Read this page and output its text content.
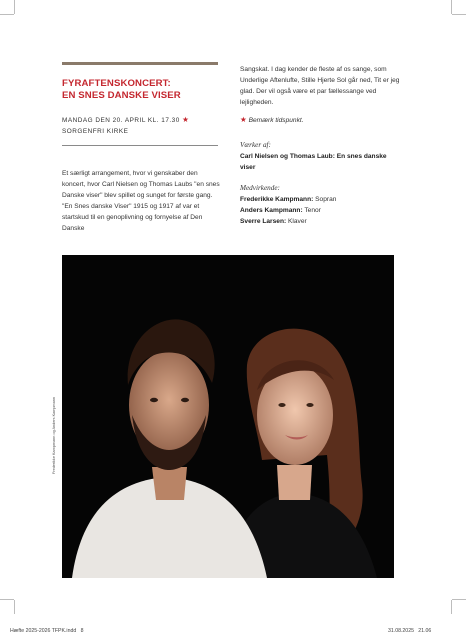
FYRAFTENSKONCERT:
EN SNES DANSKE VISER
MANDAG DEN 20. APRIL KL. 17.30 ★
SORGENFRI KIRKE
Et særligt arrangement, hvor vi genskaber den koncert, hvor Carl Nielsen og Thomas Laubs "en snes Danske viser" blev spillet og sunget for første gang. "En Snes danske Viser" 1915 og 1917 af var et startskud til en genoplivning og fornyelse af Den Danske

Sangskat. I dag kender de fleste af os sange, som Underlige Aftenlufte, Stille Hjerte Sol går ned, Tit er jeg glad. Der vil også være et par fællessange ved lejligheden.

★ Bemærk tidspunkt.

Værker af:

Carl Nielsen og Thomas Laub: En snes danske viser

Medvirkende:

Frederikke Kampmann: Sopran

Anders Kampmann: Tenor

Sverre Larsen: Klaver

Frederikke Kampmann og Anders Kampmann
Hæfte 2025-2026 TFPK.indd 8	31.08.2025 21.06
